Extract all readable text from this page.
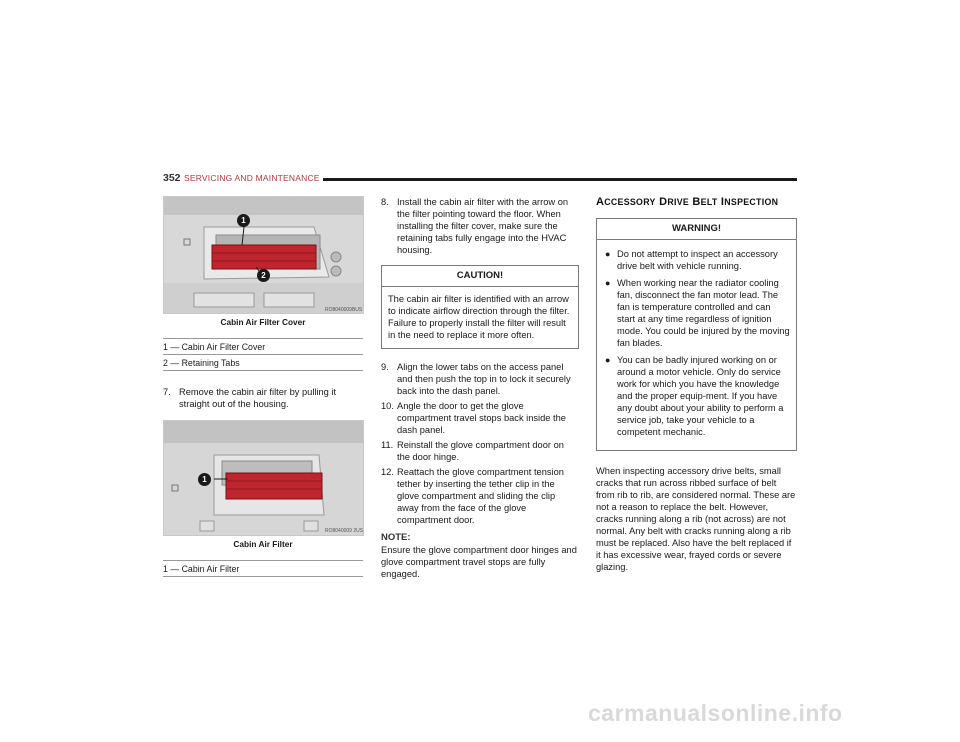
352 SERVICING AND MAINTENANCE
RO8040009BUS
1
2
Cabin Air Filter Cover
1 — Cabin Air Filter Cover
2 — Retaining Tabs
7. Remove the cabin air filter by pulling it straight out of the housing.
RO8040009 2US
1
Cabin Air Filter
1 — Cabin Air Filter
8. Install the cabin air filter with the arrow on the filter pointing toward the floor. When installing the filter cover, make sure the retaining tabs fully engage into the HVAC housing.
CAUTION!
The cabin air filter is identified with an arrow to indicate airflow direction through the filter. Failure to properly install the filter will result in the need to replace it more often.
9. Align the lower tabs on the access panel and then push the top in to lock it securely back into the dash panel.
10. Angle the door to get the glove compartment travel stops back inside the dash panel.
11. Reinstall the glove compartment door on the door hinge.
12. Reattach the glove compartment tension tether by inserting the tether clip in the glove compartment and sliding the clip away from the face of the glove compartment door.
NOTE:
Ensure the glove compartment door hinges and glove compartment travel stops are fully engaged.
ACCESSORY DRIVE BELT INSPECTION
WARNING!
● Do not attempt to inspect an accessory drive belt with vehicle running.
● When working near the radiator cooling fan, disconnect the fan motor lead. The fan is temperature controlled and can start at any time regardless of ignition mode. You could be injured by the moving fan blades.
● You can be badly injured working on or around a motor vehicle. Only do service work for which you have the knowledge and the proper equip-ment. If you have any doubt about your ability to perform a service job, take your vehicle to a competent mechanic.
When inspecting accessory drive belts, small cracks that run across ribbed surface of belt from rib to rib, are considered normal. These are not a reason to replace the belt. However, cracks running along a rib (not across) are not normal. Any belt with cracks running along a rib must be replaced. Also have the belt replaced if it has excessive wear, frayed cords or severe glazing.
carmanualsonline.info
